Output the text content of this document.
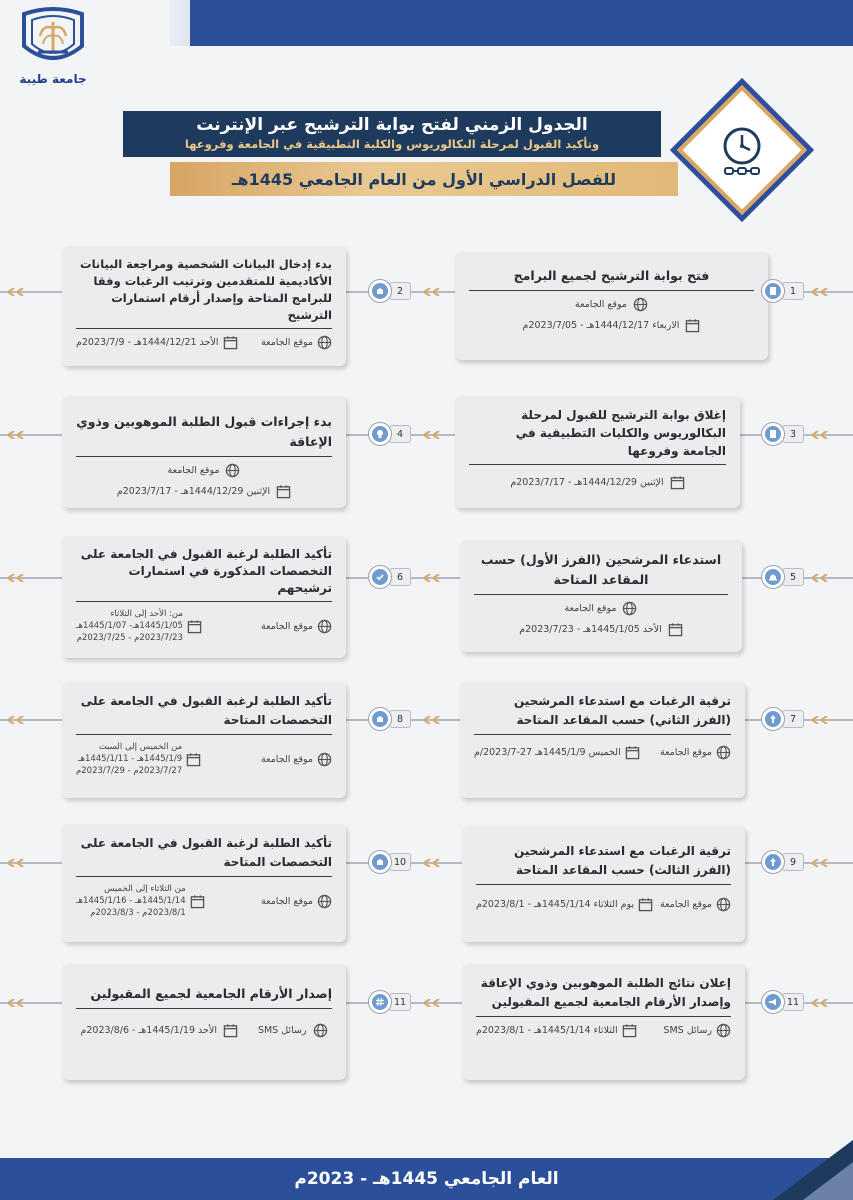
جامعة طيبة
الجدول الزمني لفتح بوابة الترشيح عبر الإنترنت
وتأكيد القبول لمرحلة البكالوريوس والكلية التطبيقية في الجامعة وفروعها
للفصل الدراسي الأول من العام الجامعي 1445هـ
فتح بوابة الترشيح لجميع البرامج
موقع الجامعة
الاربعاء 1444/12/17هـ - 2023/7/05م
1
بدء إدخال البيانات الشخصية ومراجعة البيانات الأكاديمية للمتقدمين وترتيب الرغبات وفقا للبرامج المتاحة وإصدار أرقام استمارات الترشيح
موقع الجامعة
الأحد 1444/12/21هـ - 2023/7/9م
2
إغلاق بوابة الترشيح للقبول لمرحلة البكالوريوس والكليات التطبيقية في الجامعة وفروعها
الإثنين 1444/12/29هـ - 2023/7/17م
3
بدء إجراءات قبول الطلبة الموهوبين وذوي الإعاقة
موقع الجامعة
الإثنين 1444/12/29هـ - 2023/7/17م
4
استدعاء المرشحين (الفرز الأول) حسب المقاعد المتاحة
موقع الجامعة
الأحد 1445/1/05هـ - 2023/7/23م
5
تأكيد الطلبة لرغبة القبول في الجامعة على التخصصات المذكورة في استمارات ترشيحهم
موقع الجامعة
من: الأحد إلى الثلاثاء
1445/1/05هـ- 1445/1/07هـ
2023/7/23م - 2023/7/25م
6
ترقية الرغبات مع استدعاء المرشحين (الفرز الثاني) حسب المقاعد المتاحة
موقع الجامعة
الخميس 1445/1/9هـ 27-2023/7/م
7
تأكيد الطلبة لرغبة القبول في الجامعة على التخصصات المتاحة
موقع الجامعة
من الخميس إلى السبت
1445/1/9هـ - 1445/1/11هـ
2023/7/27م - 2023/7/29م
8
ترقية الرغبات مع استدعاء المرشحين (الفرز الثالث) حسب المقاعد المتاحة
موقع الجامعة
يوم الثلاثاء 1445/1/14هـ - 2023/8/1م
9
تأكيد الطلبة لرغبة القبول في الجامعة على التخصصات المتاحة
موقع الجامعة
من الثلاثاء إلى الخميس
1445/1/14هـ - 1445/1/16هـ
2023/8/1م - 2023/8/3م
10
إعلان نتائج الطلبة الموهوبين وذوي الإعاقة وإصدار الأرقام الجامعية لجميع المقبولين
رسائل SMS
الثلاثاء 1445/1/14هـ - 2023/8/1م
11
إصدار الأرقام الجامعية لجميع المقبولين
رسائل SMS
الأحد 1445/1/19هـ - 2023/8/6م
11
العام الجامعي 1445هـ - 2023م
